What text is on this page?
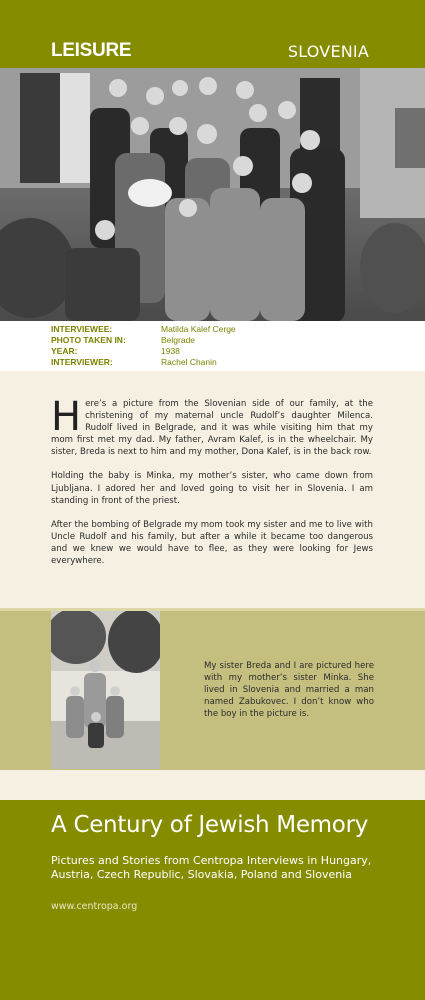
LEISURE	SLOVENIA
INTERVIEWEE:	Matilda Kalef Cerge
PHOTO TAKEN IN:	Belgrade
YEAR:	1938
INTERVIEWER:	Rachel Chanin

Here’s a picture from the Slovenian side of our family, at the christening of my maternal uncle Rudolf’s daughter Milenca. Rudolf lived in Belgrade, and it was while visiting him that my mom first met my dad. My father, Avram Kalef, is in the wheelchair. My sister, Breda is next to him and my mother, Dona Kalef, is in the back row.

Holding the baby is Minka, my mother’s sister, who came down from Ljubljana. I adored her and loved going to visit her in Slovenia. I am standing in front of the priest.

After the bombing of Belgrade my mom took my sister and me to live with Uncle Rudolf and his family, but after a while it became too dangerous and we knew we would have to flee, as they were looking for Jews everywhere.

My sister Breda and I are pictured here with my mother’s sister Minka. She lived in Slovenia and married a man named Zabukovec. I don’t know who the boy in the picture is.
A Century of Jewish Memory
Pictures and Stories from Centropa Interviews in Hungary, Austria, Czech Republic, Slovakia, Poland and Slovenia
www.centropa.org
